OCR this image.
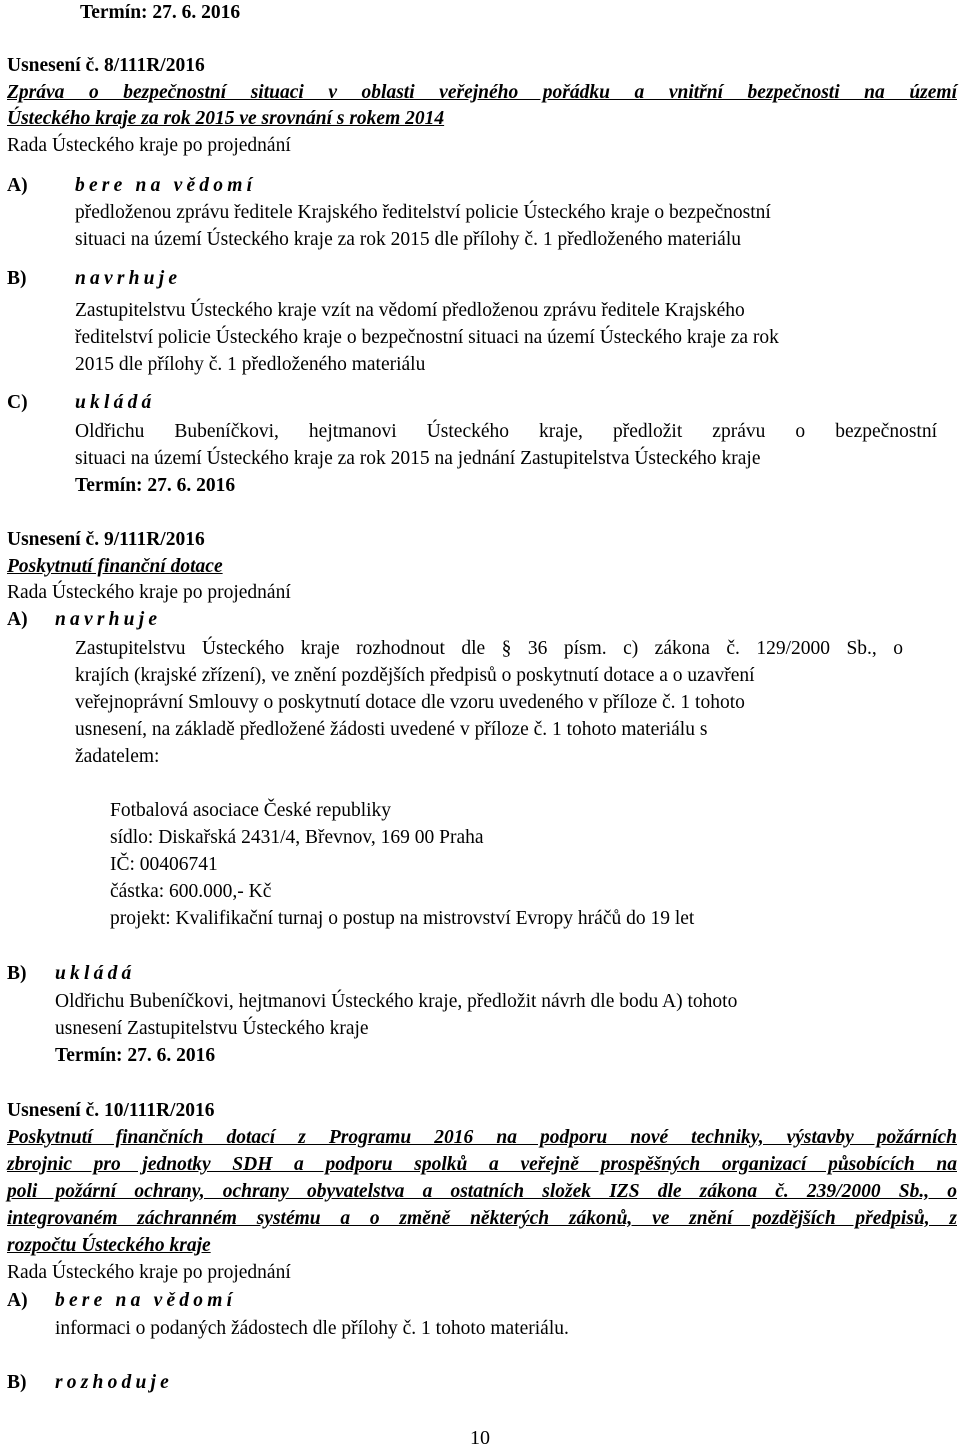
Termín: 27. 6. 2016
Usnesení č. 8/111R/2016
Zpráva o bezpečnostní situaci v oblasti veřejného pořádku a vnitřní bezpečnosti na území
Ústeckého kraje za rok 2015 ve srovnání s rokem 2014
Rada Ústeckého kraje po projednání
A) bere na vědomí
předloženou zprávu ředitele Krajského ředitelství policie Ústeckého kraje o bezpečnostní
situaci na území Ústeckého kraje za rok 2015 dle přílohy č. 1 předloženého materiálu
B) navrhuje
Zastupitelstvu Ústeckého kraje vzít na vědomí předloženou zprávu ředitele Krajského
ředitelství policie Ústeckého kraje o bezpečnostní situaci na území Ústeckého kraje za rok
2015 dle přílohy č. 1 předloženého materiálu
C) ukládá
Oldřichu Bubeníčkovi, hejtmanovi Ústeckého kraje, předložit zprávu o bezpečnostní
situaci na území Ústeckého kraje za rok 2015 na jednání Zastupitelstva Ústeckého kraje
Termín: 27. 6. 2016
Usnesení č. 9/111R/2016
Poskytnutí finanční dotace
Rada Ústeckého kraje po projednání
A) navrhuje
Zastupitelstvu Ústeckého kraje rozhodnout dle § 36 písm. c) zákona č. 129/2000 Sb., o
krajích (krajské zřízení), ve znění pozdějších předpisů o poskytnutí dotace a o uzavření
veřejnoprávní Smlouvy o poskytnutí dotace dle vzoru uvedeného v příloze č. 1 tohoto
usnesení, na základě předložené žádosti uvedené v příloze č. 1 tohoto materiálu s
žadatelem:
Fotbalová asociace České republiky
sídlo: Diskařská 2431/4, Břevnov, 169 00 Praha
IČ: 00406741
částka: 600.000,- Kč
projekt: Kvalifikační turnaj o postup na mistrovství Evropy hráčů do 19 let
B) ukládá
Oldřichu Bubeníčkovi, hejtmanovi Ústeckého kraje, předložit návrh dle bodu A) tohoto
usnesení Zastupitelstvu Ústeckého kraje
Termín: 27. 6. 2016
Usnesení č. 10/111R/2016
Poskytnutí finančních dotací z Programu 2016 na podporu nové techniky, výstavby požárních
zbrojnic pro jednotky SDH a podporu spolků a veřejně prospěšných organizací působících na
poli požární ochrany, ochrany obyvatelstva a ostatních složek IZS dle zákona č. 239/2000 Sb., o
integrovaném záchranném systému a o změně některých zákonů, ve znění pozdějších předpisů, z
rozpočtu Ústeckého kraje
Rada Ústeckého kraje po projednání
A) bere na vědomí
informaci o podaných žádostech dle přílohy č. 1 tohoto materiálu.
B) rozhoduje
10
